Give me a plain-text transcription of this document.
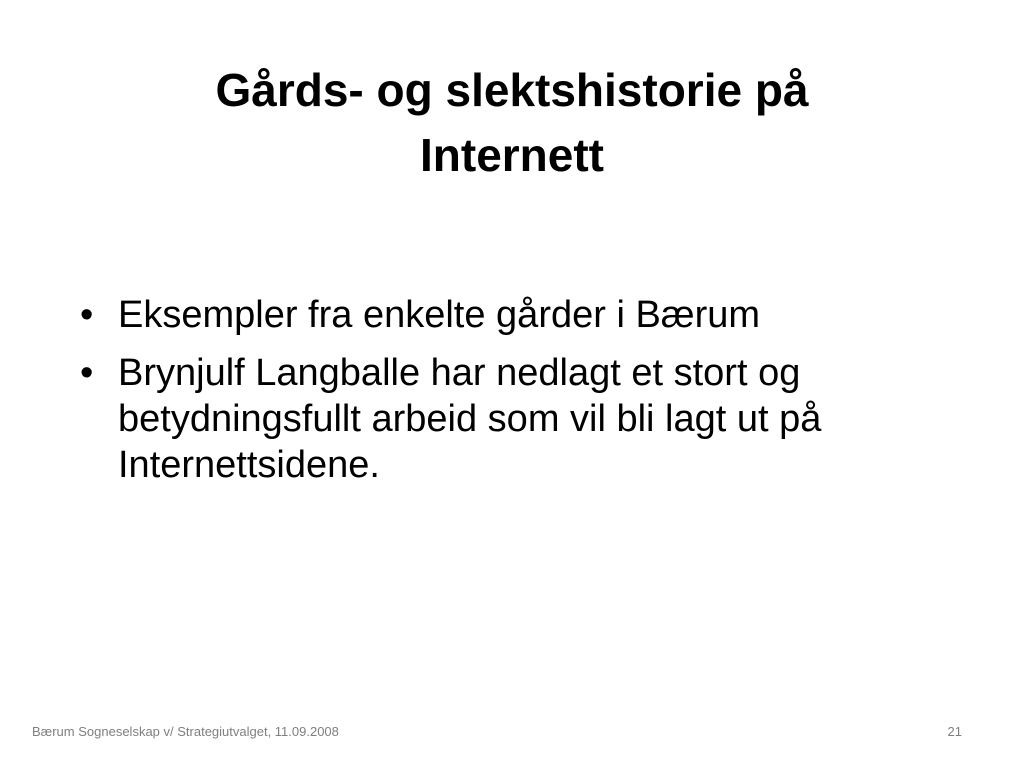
Gårds- og slektshistorie på
Internett
• Eksempler fra enkelte gårder i Bærum
• Brynjulf Langballe har nedlagt et stort og betydningsfullt arbeid som vil bli lagt ut på Internettsidene.
Bærum Sogneselskap v/ Strategiutvalget, 11.09.2008	21
